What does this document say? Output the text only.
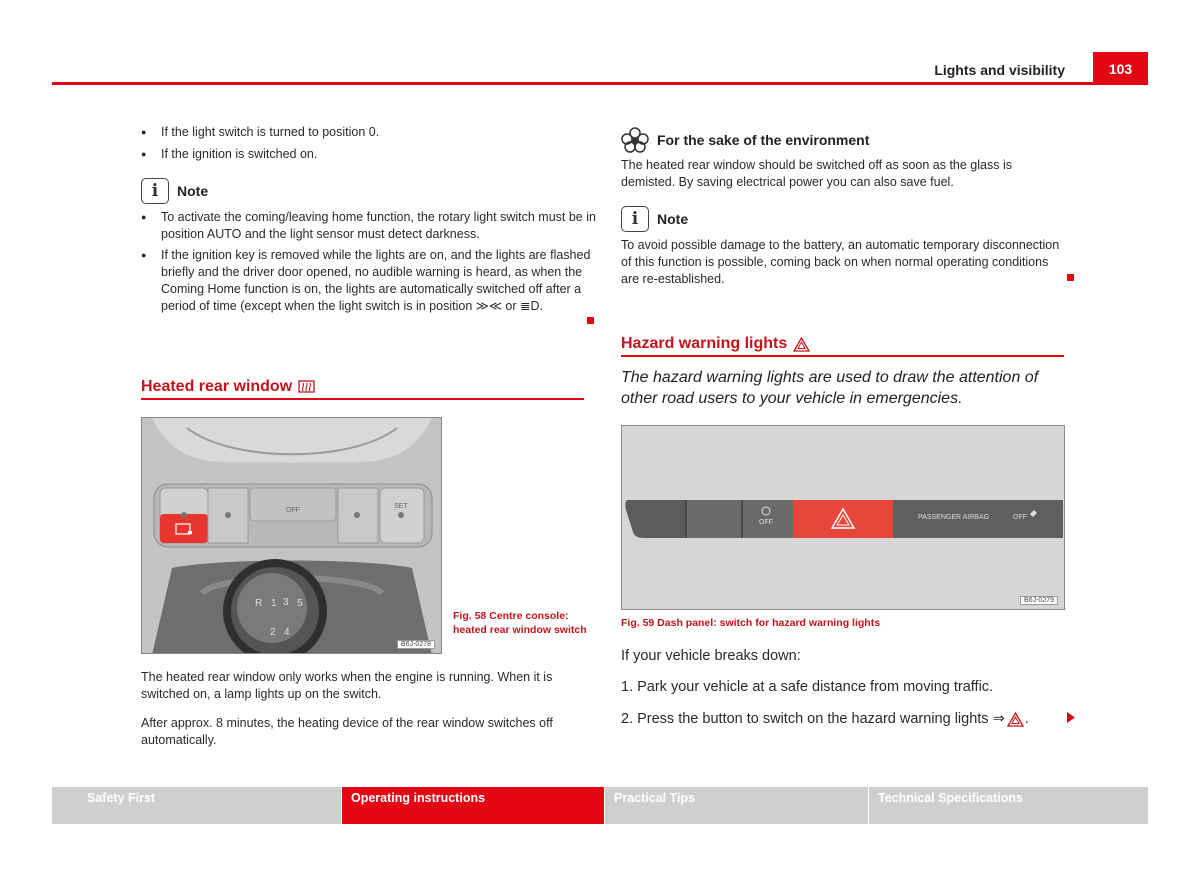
Lights and visibility	103
● If the light switch is turned to position 0.
● If the ignition is switched on.
i	Note
● To activate the coming/leaving home function, the rotary light switch must be in position AUTO and the light sensor must detect darkness.
● If the ignition key is removed while the lights are on, and the lights are flashed briefly and the driver door opened, no audible warning is heard, as when the Coming Home function is on, the lights are automatically switched off after a period of time (except when the light switch is in position ≫≪ or ≣D.
Heated rear window
R 1 3 5
2 4
OFF
SET
B6J-0278
Fig. 58 Centre console: heated rear window switch
The heated rear window only works when the engine is running. When it is switched on, a lamp lights up on the switch.
After approx. 8 minutes, the heating device of the rear window switches off automatically.
For the sake of the environment
The heated rear window should be switched off as soon as the glass is demisted. By saving electrical power you can also save fuel.
i	Note
To avoid possible damage to the battery, an automatic temporary disconnection of this function is possible, coming back on when normal operating conditions are re-established.
Hazard warning lights
The hazard warning lights are used to draw the attention of other road users to your vehicle in emergencies.
OFF
PASSENGER AIRBAG	OFF
B6J-0279
Fig. 59 Dash panel: switch for hazard warning lights
If your vehicle breaks down:
1. Park your vehicle at a safe distance from moving traffic.
2. Press the button to switch on the hazard warning lights ⇒ .
Safety First	Operating instructions	Practical Tips	Technical Specifications
